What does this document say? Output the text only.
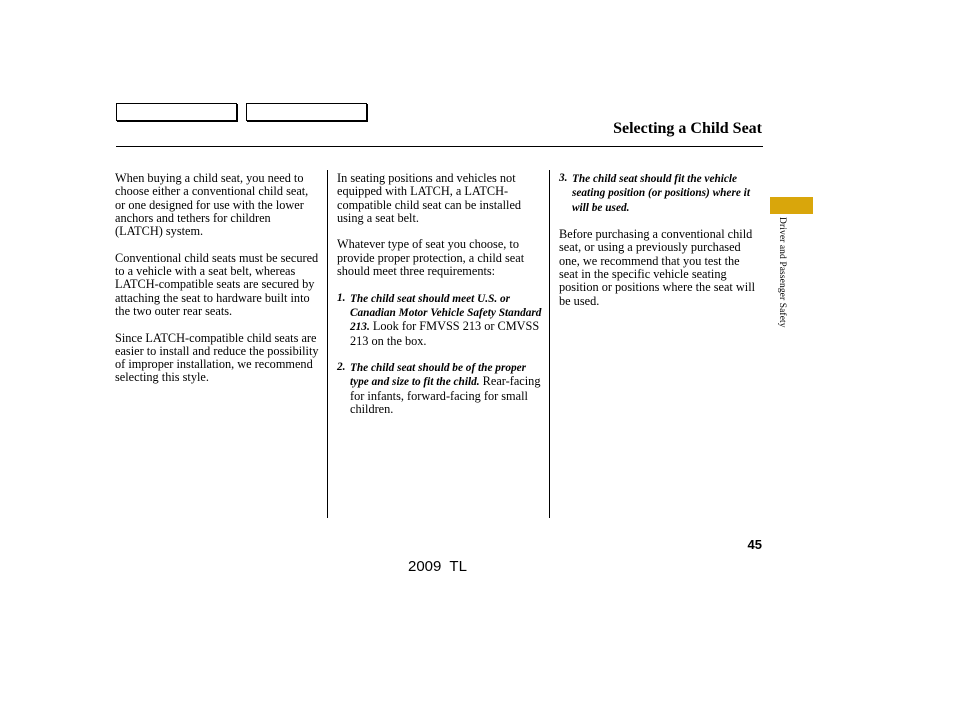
Selecting a Child Seat

When buying a child seat, you need to choose either a conventional child seat, or one designed for use with the lower anchors and tethers for children (LATCH) system.

Conventional child seats must be secured to a vehicle with a seat belt, whereas LATCH-compatible seats are secured by attaching the seat to hardware built into the two outer rear seats.

Since LATCH-compatible child seats are easier to install and reduce the possibility of improper installation, we recommend selecting this style.

In seating positions and vehicles not equipped with LATCH, a LATCH-compatible child seat can be installed using a seat belt.

Whatever type of seat you choose, to provide proper protection, a child seat should meet three requirements:

1. The child seat should meet U.S. or Canadian Motor Vehicle Safety Standard 213. Look for FMVSS 213 or CMVSS 213 on the box.
2. The child seat should be of the proper type and size to fit the child. Rear-facing for infants, forward-facing for small children.
3. The child seat should fit the vehicle seating position (or positions) where it will be used.

Before purchasing a conventional child seat, or using a previously purchased one, we recommend that you test the seat in the specific vehicle seating position or positions where the seat will be used.	Driver and Passenger Safety
45
2009  TL
